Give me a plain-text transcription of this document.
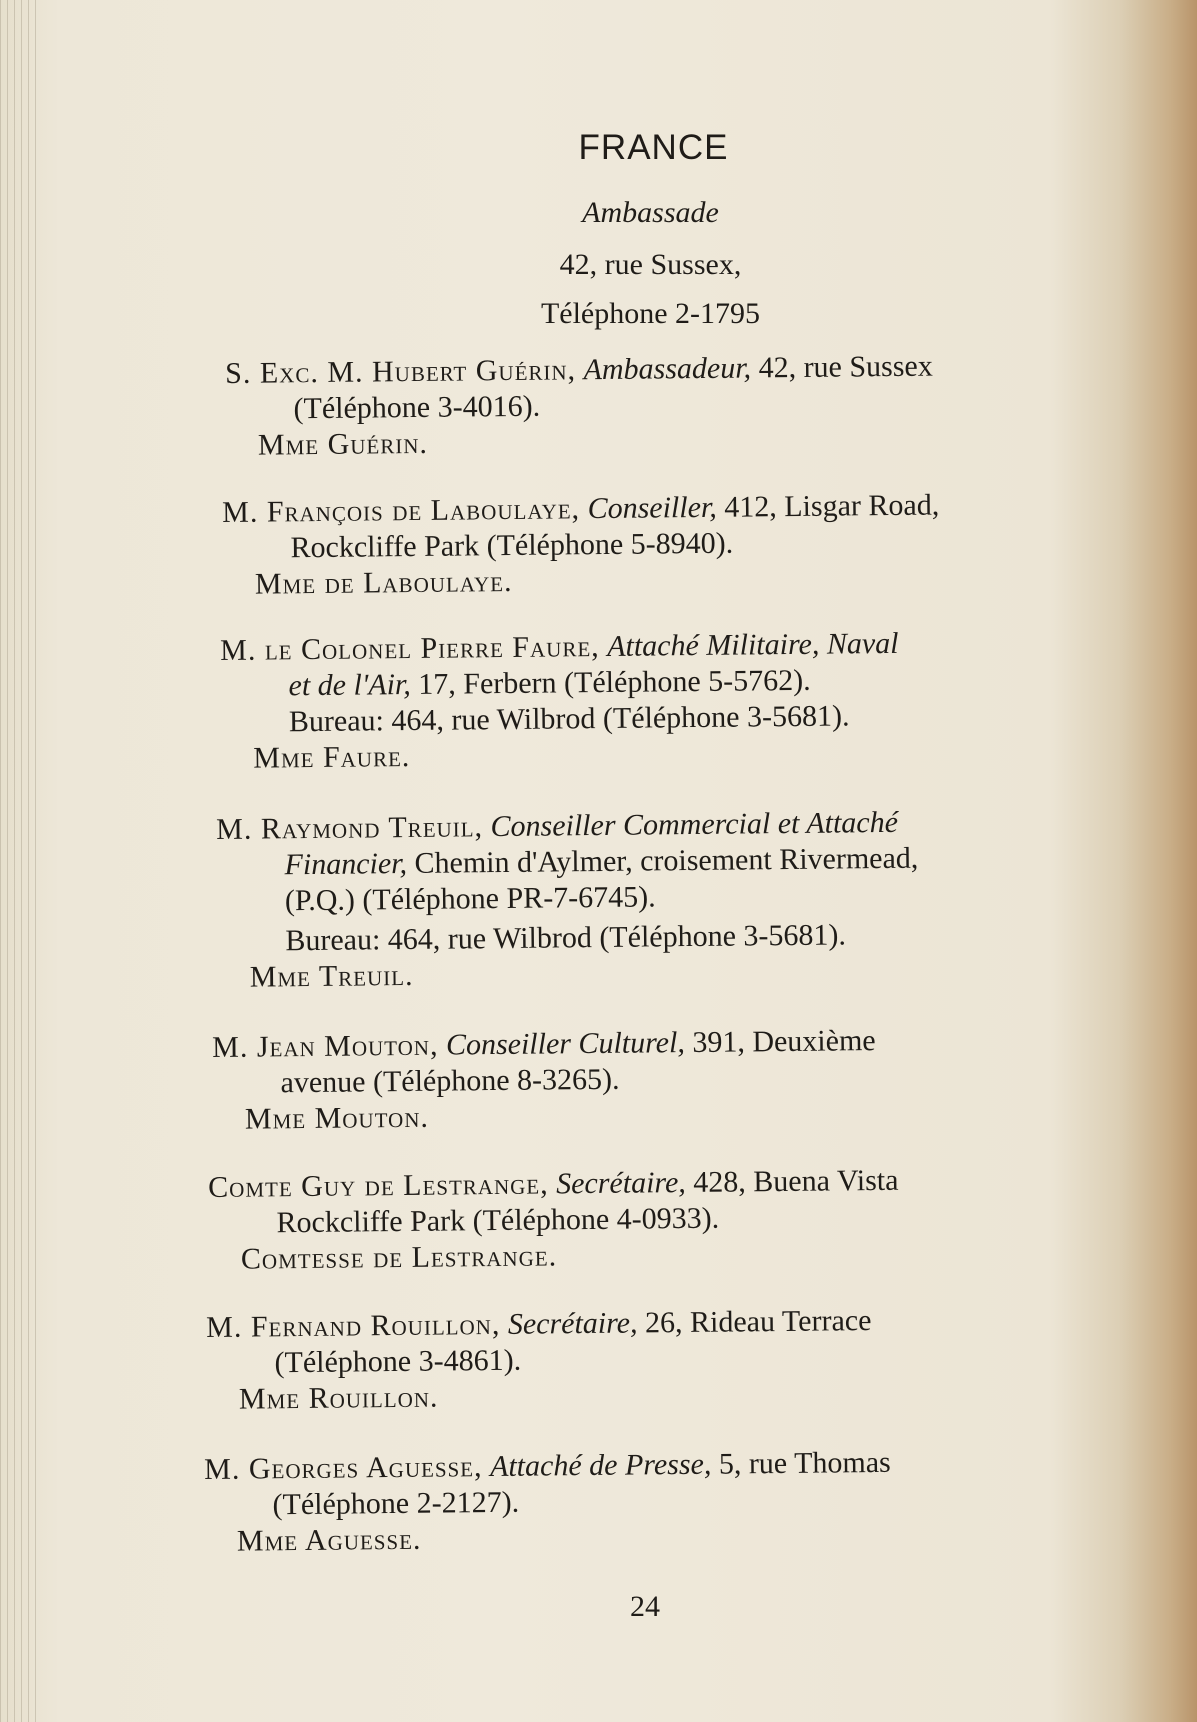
FRANCE
Ambassade
42, rue Sussex,
Téléphone 2-1795
S. Exc. M. Hubert Guérin, Ambassadeur, 42, rue Sussex
(Téléphone 3-4016).
Mme Guérin.
M. François de Laboulaye, Conseiller, 412, Lisgar Road,
Rockcliffe Park (Téléphone 5-8940).
Mme de Laboulaye.
M. le Colonel Pierre Faure, Attaché Militaire, Naval
et de l'Air, 17, Ferbern (Téléphone 5-5762).
Bureau: 464, rue Wilbrod (Téléphone 3-5681).
Mme Faure.
M. Raymond Treuil, Conseiller Commercial et Attaché
Financier, Chemin d'Aylmer, croisement Rivermead,
(P.Q.) (Téléphone PR-7-6745).
Bureau: 464, rue Wilbrod (Téléphone 3-5681).
Mme Treuil.
M. Jean Mouton, Conseiller Culturel, 391, Deuxième
avenue (Téléphone 8-3265).
Mme Mouton.
Comte Guy de Lestrange, Secrétaire, 428, Buena Vista
Rockcliffe Park (Téléphone 4-0933).
Comtesse de Lestrange.
M. Fernand Rouillon, Secrétaire, 26, Rideau Terrace
(Téléphone 3-4861).
Mme Rouillon.
M. Georges Aguesse, Attaché de Presse, 5, rue Thomas
(Téléphone 2-2127).
Mme Aguesse.
24
